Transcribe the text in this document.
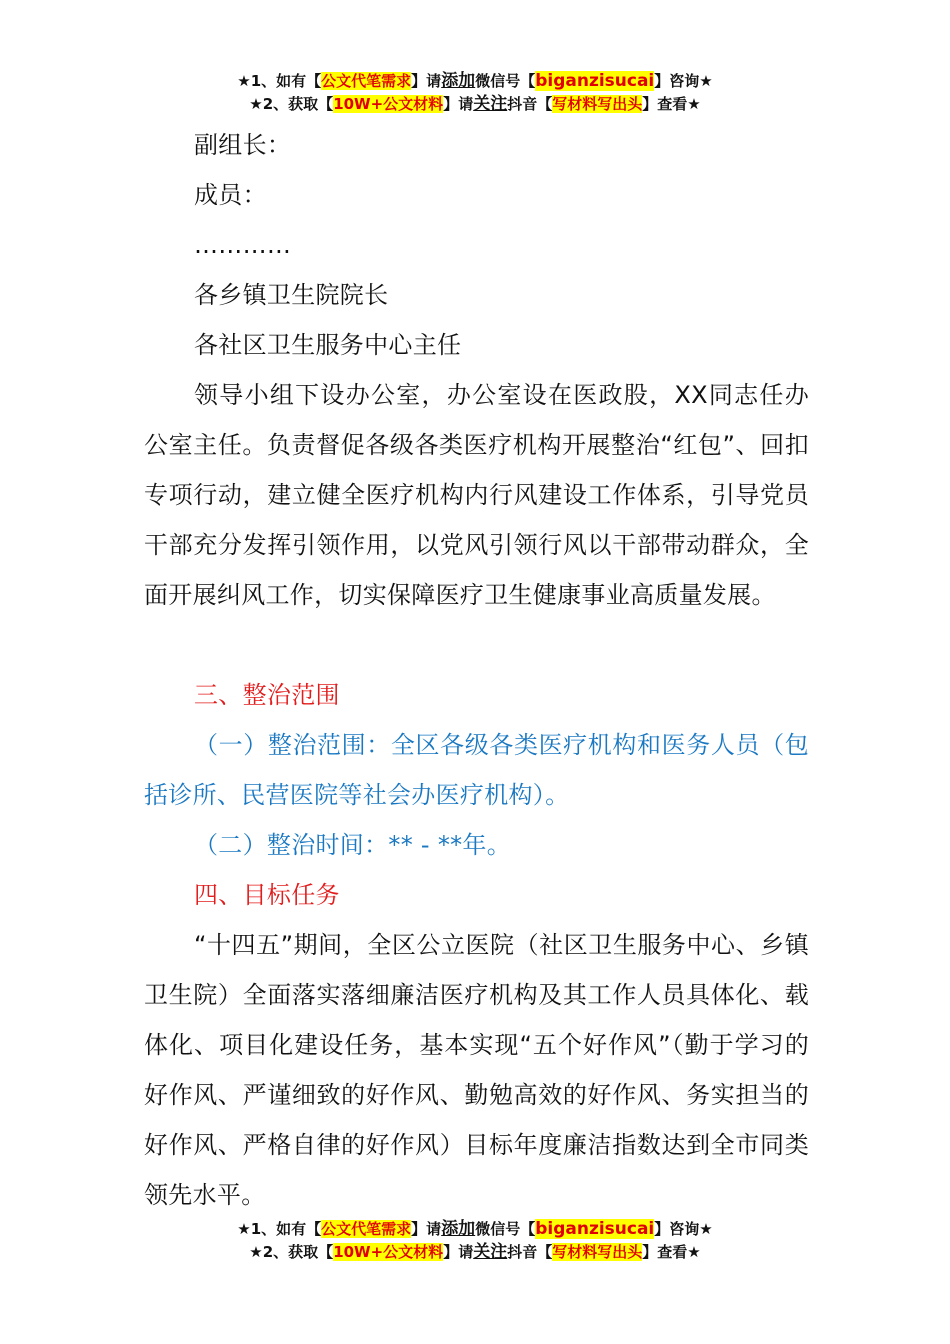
★1、如有【公文代笔需求】请添加微信号【biganzisucai】咨询★
★2、获取【10W+公文材料】请关注抖音【写材料写出头】查看★
副组长：
成员：
…………
各乡镇卫生院院长
各社区卫生服务中心主任
领导小组下设办公室，办公室设在医政股，XX同志任办公室主任。负责督促各级各类医疗机构开展整治“红包”、回扣专项行动，建立健全医疗机构内行风建设工作体系，引导党员干部充分发挥引领作用，以党风引领行风以干部带动群众，全面开展纠风工作，切实保障医疗卫生健康事业高质量发展。
三、整治范围
（一）整治范围：全区各级各类医疗机构和医务人员（包括诊所、民营医院等社会办医疗机构）。
（二）整治时间：** - **年。
四、目标任务
“十四五”期间，全区公立医院（社区卫生服务中心、乡镇卫生院）全面落实落细廉洁医疗机构及其工作人员具体化、载体化、项目化建设任务，基本实现“五个好作风”（勤于学习的好作风、严谨细致的好作风、勤勉高效的好作风、务实担当的好作风、严格自律的好作风）目标年度廉洁指数达到全市同类领先水平。
★1、如有【公文代笔需求】请添加微信号【biganzisucai】咨询★
★2、获取【10W+公文材料】请关注抖音【写材料写出头】查看★
